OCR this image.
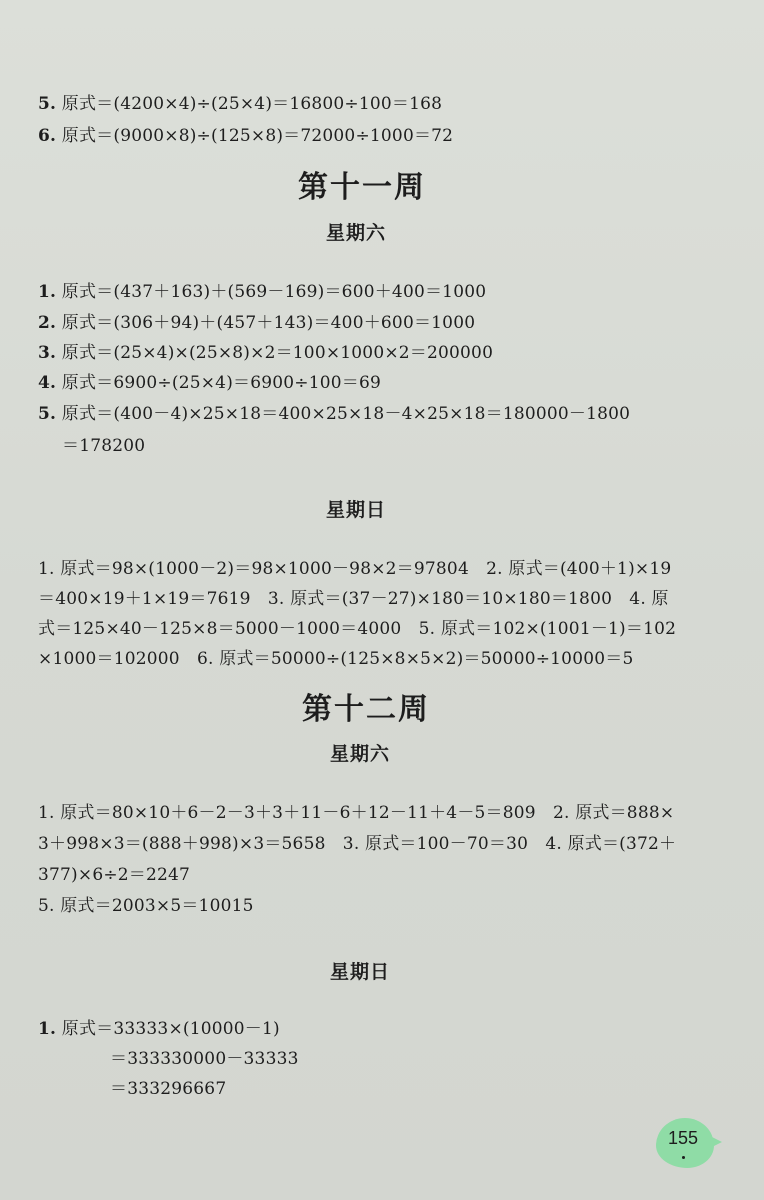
5. 原式＝(4200×4)÷(25×4)＝16800÷100＝168
6. 原式＝(9000×8)÷(125×8)＝72000÷1000＝72
第十一周
星期六
1. 原式＝(437＋163)＋(569－169)＝600＋400＝1000
2. 原式＝(306＋94)＋(457＋143)＝400＋600＝1000
3. 原式＝(25×4)×(25×8)×2＝100×1000×2＝200000
4. 原式＝6900÷(25×4)＝6900÷100＝69
5. 原式＝(400－4)×25×18＝400×25×18－4×25×18＝180000－1800
＝178200
星期日
1. 原式＝98×(1000－2)＝98×1000－98×2＝97804　2. 原式＝(400＋1)×19
＝400×19＋1×19＝7619　3. 原式＝(37－27)×180＝10×180＝1800　4. 原
式＝125×40－125×8＝5000－1000＝4000　5. 原式＝102×(1001－1)＝102
×1000＝102000　6. 原式＝50000÷(125×8×5×2)＝50000÷10000＝5
第十二周
星期六
1. 原式＝80×10＋6－2－3＋3＋11－6＋12－11＋4－5＝809　2. 原式＝888×
3＋998×3＝(888＋998)×3＝5658　3. 原式＝100－70＝30　4. 原式＝(372＋
377)×6÷2＝2247
5. 原式＝2003×5＝10015
星期日
1. 原式＝33333×(10000－1)
＝333330000－33333
＝333296667
155
